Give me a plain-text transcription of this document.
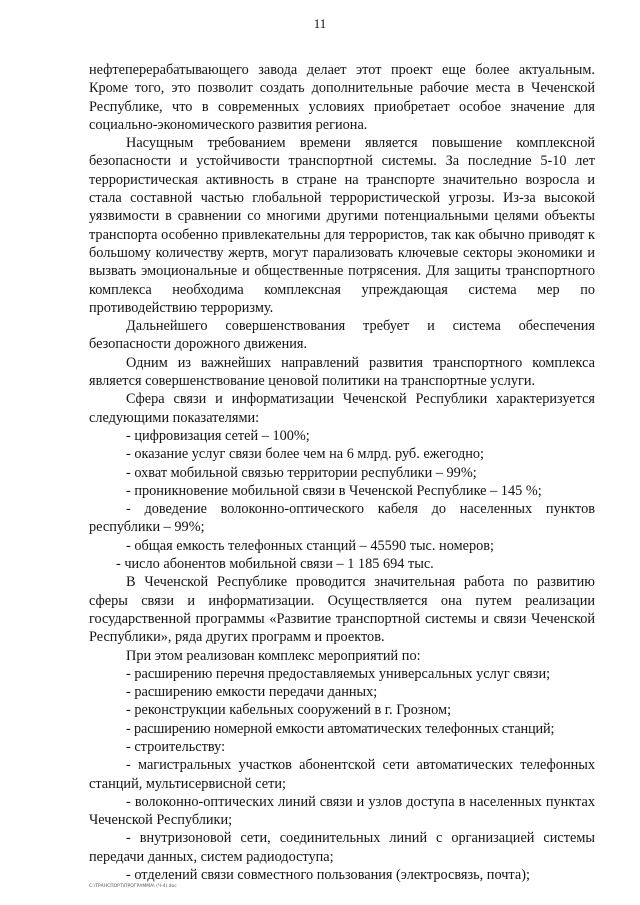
11

нефтеперерабатывающего завода делает этот проект еще более актуальным. Кроме того, это позволит создать дополнительные рабочие места в Чеченской Республике, что в современных условиях приобретает особое значение для социально-экономического развития региона.

Насущным требованием времени является повышение комплексной безопасности и устойчивости транспортной системы. За последние 5-10 лет террористическая активность в стране на транспорте значительно возросла и стала составной частью глобальной террористической угрозы. Из-за высокой уязвимости в сравнении со многими другими потенциальными целями объекты транспорта особенно привлекательны для террористов, так как обычно приводят к большому количеству жертв, могут парализовать ключевые секторы экономики и вызвать эмоциональные и общественные потрясения. Для защиты транспортного комплекса необходима комплексная упреждающая система мер по противодействию терроризму.

Дальнейшего совершенствования требует и система обеспечения безопасности дорожного движения.

Одним из важнейших направлений развития транспортного комплекса является совершенствование ценовой политики на транспортные услуги.

Сфера связи и информатизации Чеченской Республики характеризуется следующими показателями:

- цифровизация сетей – 100%;

- оказание услуг связи более чем на 6 млрд. руб. ежегодно;

- охват мобильной связью территории республики – 99%;

- проникновение мобильной связи в Чеченской Республике – 145 %;

- доведение волоконно-оптического кабеля до населенных пунктов республики – 99%;

- общая емкость телефонных станций – 45590 тыс. номеров;

- число абонентов мобильной связи – 1 185 694 тыс.

В Чеченской Республике проводится значительная работа по развитию сферы связи и информатизации. Осуществляется она путем реализации государственной программы «Развитие транспортной системы и связи Чеченской Республики», ряда других программ и проектов.

При этом реализован комплекс мероприятий по:

- расширению перечня предоставляемых универсальных услуг связи;

- расширению емкости передачи данных;

- реконструкции кабельных сооружений в г. Грозном;

- расширению номерной емкости автоматических телефонных станций;

- строительству:

- магистральных участков абонентской сети автоматических телефонных станций, мультисервисной сети;

- волоконно-оптических линий связи и узлов доступа в населенных пунктах Чеченской Республики;

- внутризоновой сети, соединительных линий с организацией системы передачи данных, систем радиодоступа;

- отделений связи совместного пользования (электросвязь, почта);

С:\ТРАНСПОРТ\ПРОГРАММА\ (Ч-4).doc
